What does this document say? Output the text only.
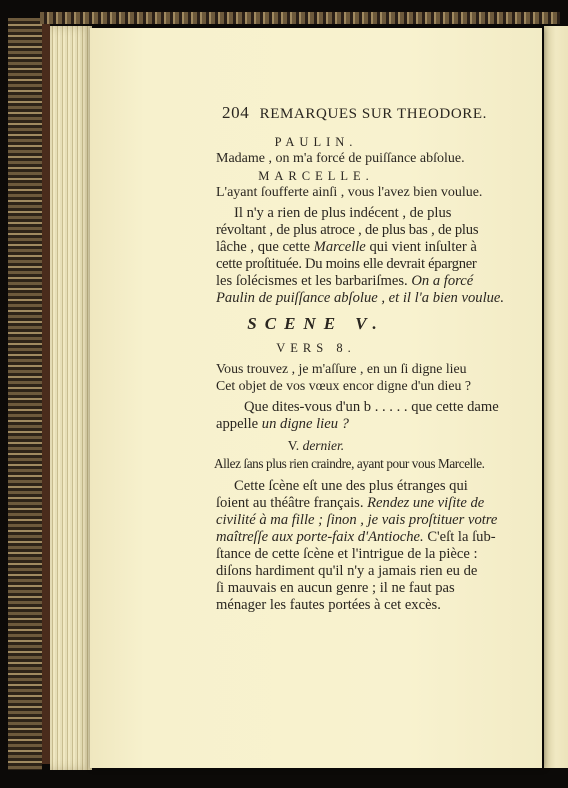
204 REMARQUES SUR THEODORE.
PAULIN.
Madame , on m'a forcé de puiſſance abſolue.
MARCELLE.
L'ayant ſoufferte ainſi , vous l'avez bien voulue.
Il n'y a rien de plus indécent , de plus
révoltant , de plus atroce , de plus bas , de plus
lâche , que cette Marcelle qui vient inſulter à
cette proſtituée. Du moins elle devrait épargner
les ſolécismes et les barbariſmes. On a forcé
Paulin de puiſſance abſolue , et il l'a bien voulue.
SCENE V.
VERS 8.
Vous trouvez , je m'aſſure , en un ſi digne lieu
Cet objet de vos vœux encor digne d'un dieu ?
Que dites-vous d'un b . . . . . que cette dame
appelle un digne lieu ?
V. dernier.
Allez ſans plus rien craindre, ayant pour vous Marcelle.
Cette ſcène eſt une des plus étranges qui
ſoient au théâtre français. Rendez une viſite de
civilité à ma fille ; ſinon , je vais proſtituer votre
maîtreſſe aux porte-faix d'Antioche. C'eſt la ſub-
ſtance de cette ſcène et l'intrigue de la pièce :
diſons hardiment qu'il n'y a jamais rien eu de
ſi mauvais en aucun genre ; il ne faut pas
ménager les fautes portées à cet excès.
